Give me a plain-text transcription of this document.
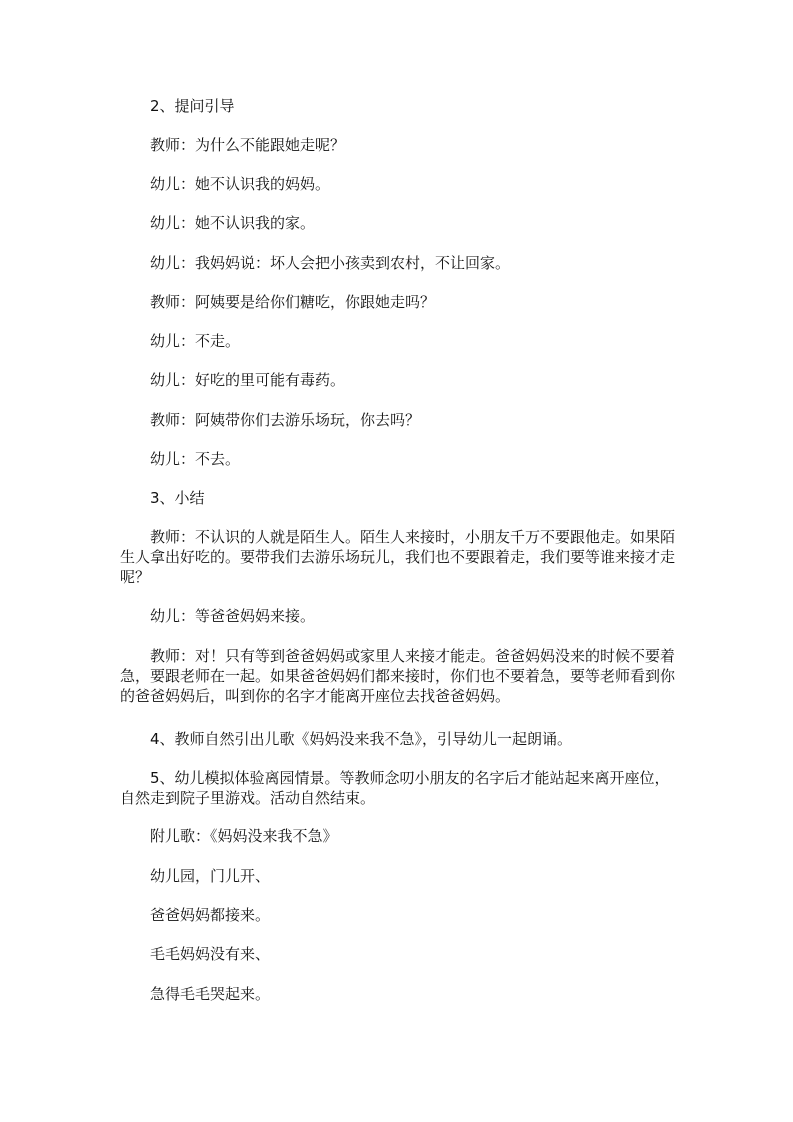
2、提问引导

教师：为什么不能跟她走呢？

幼儿：她不认识我的妈妈。

幼儿：她不认识我的家。

幼儿：我妈妈说：坏人会把小孩卖到农村，不让回家。

教师：阿姨要是给你们糖吃，你跟她走吗？

幼儿：不走。

幼儿：好吃的里可能有毒药。

教师：阿姨带你们去游乐场玩，你去吗？

幼儿：不去。

3、小结

教师：不认识的人就是陌生人。陌生人来接时，小朋友千万不要跟他走。如果陌生人拿出好吃的。要带我们去游乐场玩儿，我们也不要跟着走，我们要等谁来接才走呢？

幼儿：等爸爸妈妈来接。

教师：对！只有等到爸爸妈妈或家里人来接才能走。爸爸妈妈没来的时候不要着急，要跟老师在一起。如果爸爸妈妈们都来接时，你们也不要着急，要等老师看到你的爸爸妈妈后，叫到你的名字才能离开座位去找爸爸妈妈。

4、教师自然引出儿歌《妈妈没来我不急》，引导幼儿一起朗诵。

5、幼儿模拟体验离园情景。等教师念叨小朋友的名字后才能站起来离开座位，自然走到院子里游戏。活动自然结束。

附儿歌：《妈妈没来我不急》

幼儿园，门儿开、

爸爸妈妈都接来。

毛毛妈妈没有来、

急得毛毛哭起来。
